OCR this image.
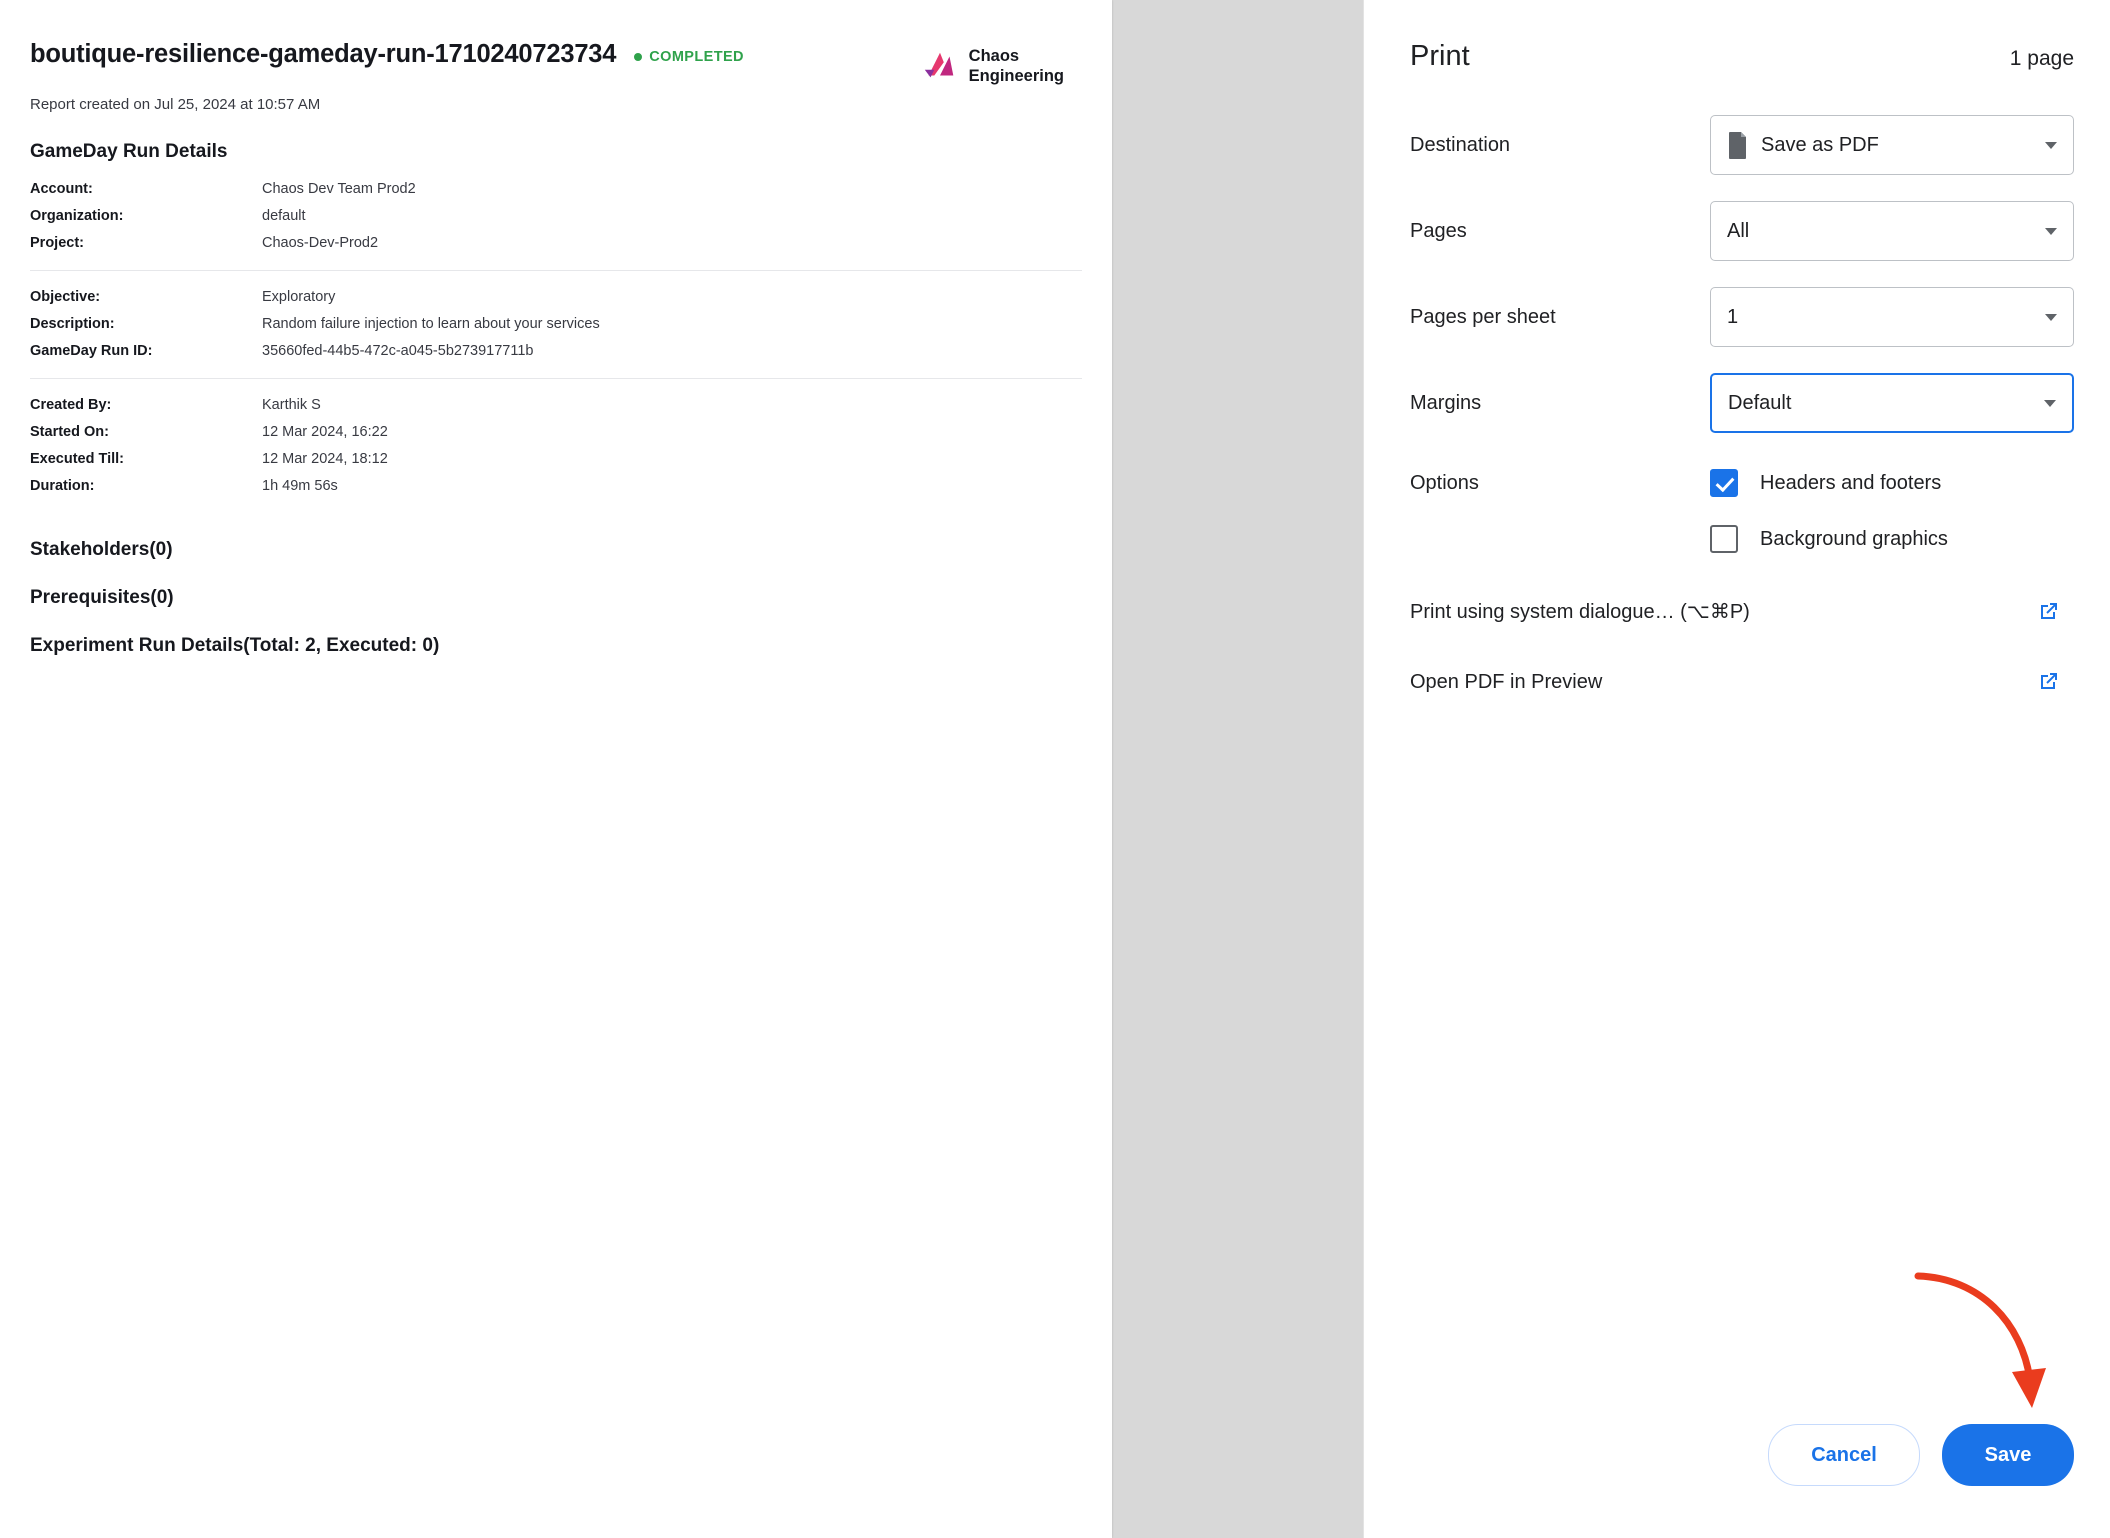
boutique-resilience-gameday-run-1710240723734 COMPLETED	Chaos
Engineering
Report created on Jul 25, 2024 at 10:57 AM
GameDay Run Details
Account:	Chaos Dev Team Prod2
Organization:	default
Project:	Chaos-Dev-Prod2
Objective:	Exploratory
Description:	Random failure injection to learn about your services
GameDay Run ID:	35660fed-44b5-472c-a045-5b273917711b
Created By:	Karthik S
Started On:	12 Mar 2024, 16:22
Executed Till:	12 Mar 2024, 18:12
Duration:	1h 49m 56s
Stakeholders(0)
Prerequisites(0)
Experiment Run Details(Total: 2, Executed: 0)
Print	1 page
Destination	Save as PDF
Pages	All
Pages per sheet	1
Margins	Default
Options	Headers and footers
Background graphics
Print using system dialogue… (⌥⌘P)
Open PDF in Preview
Cancel	Save
